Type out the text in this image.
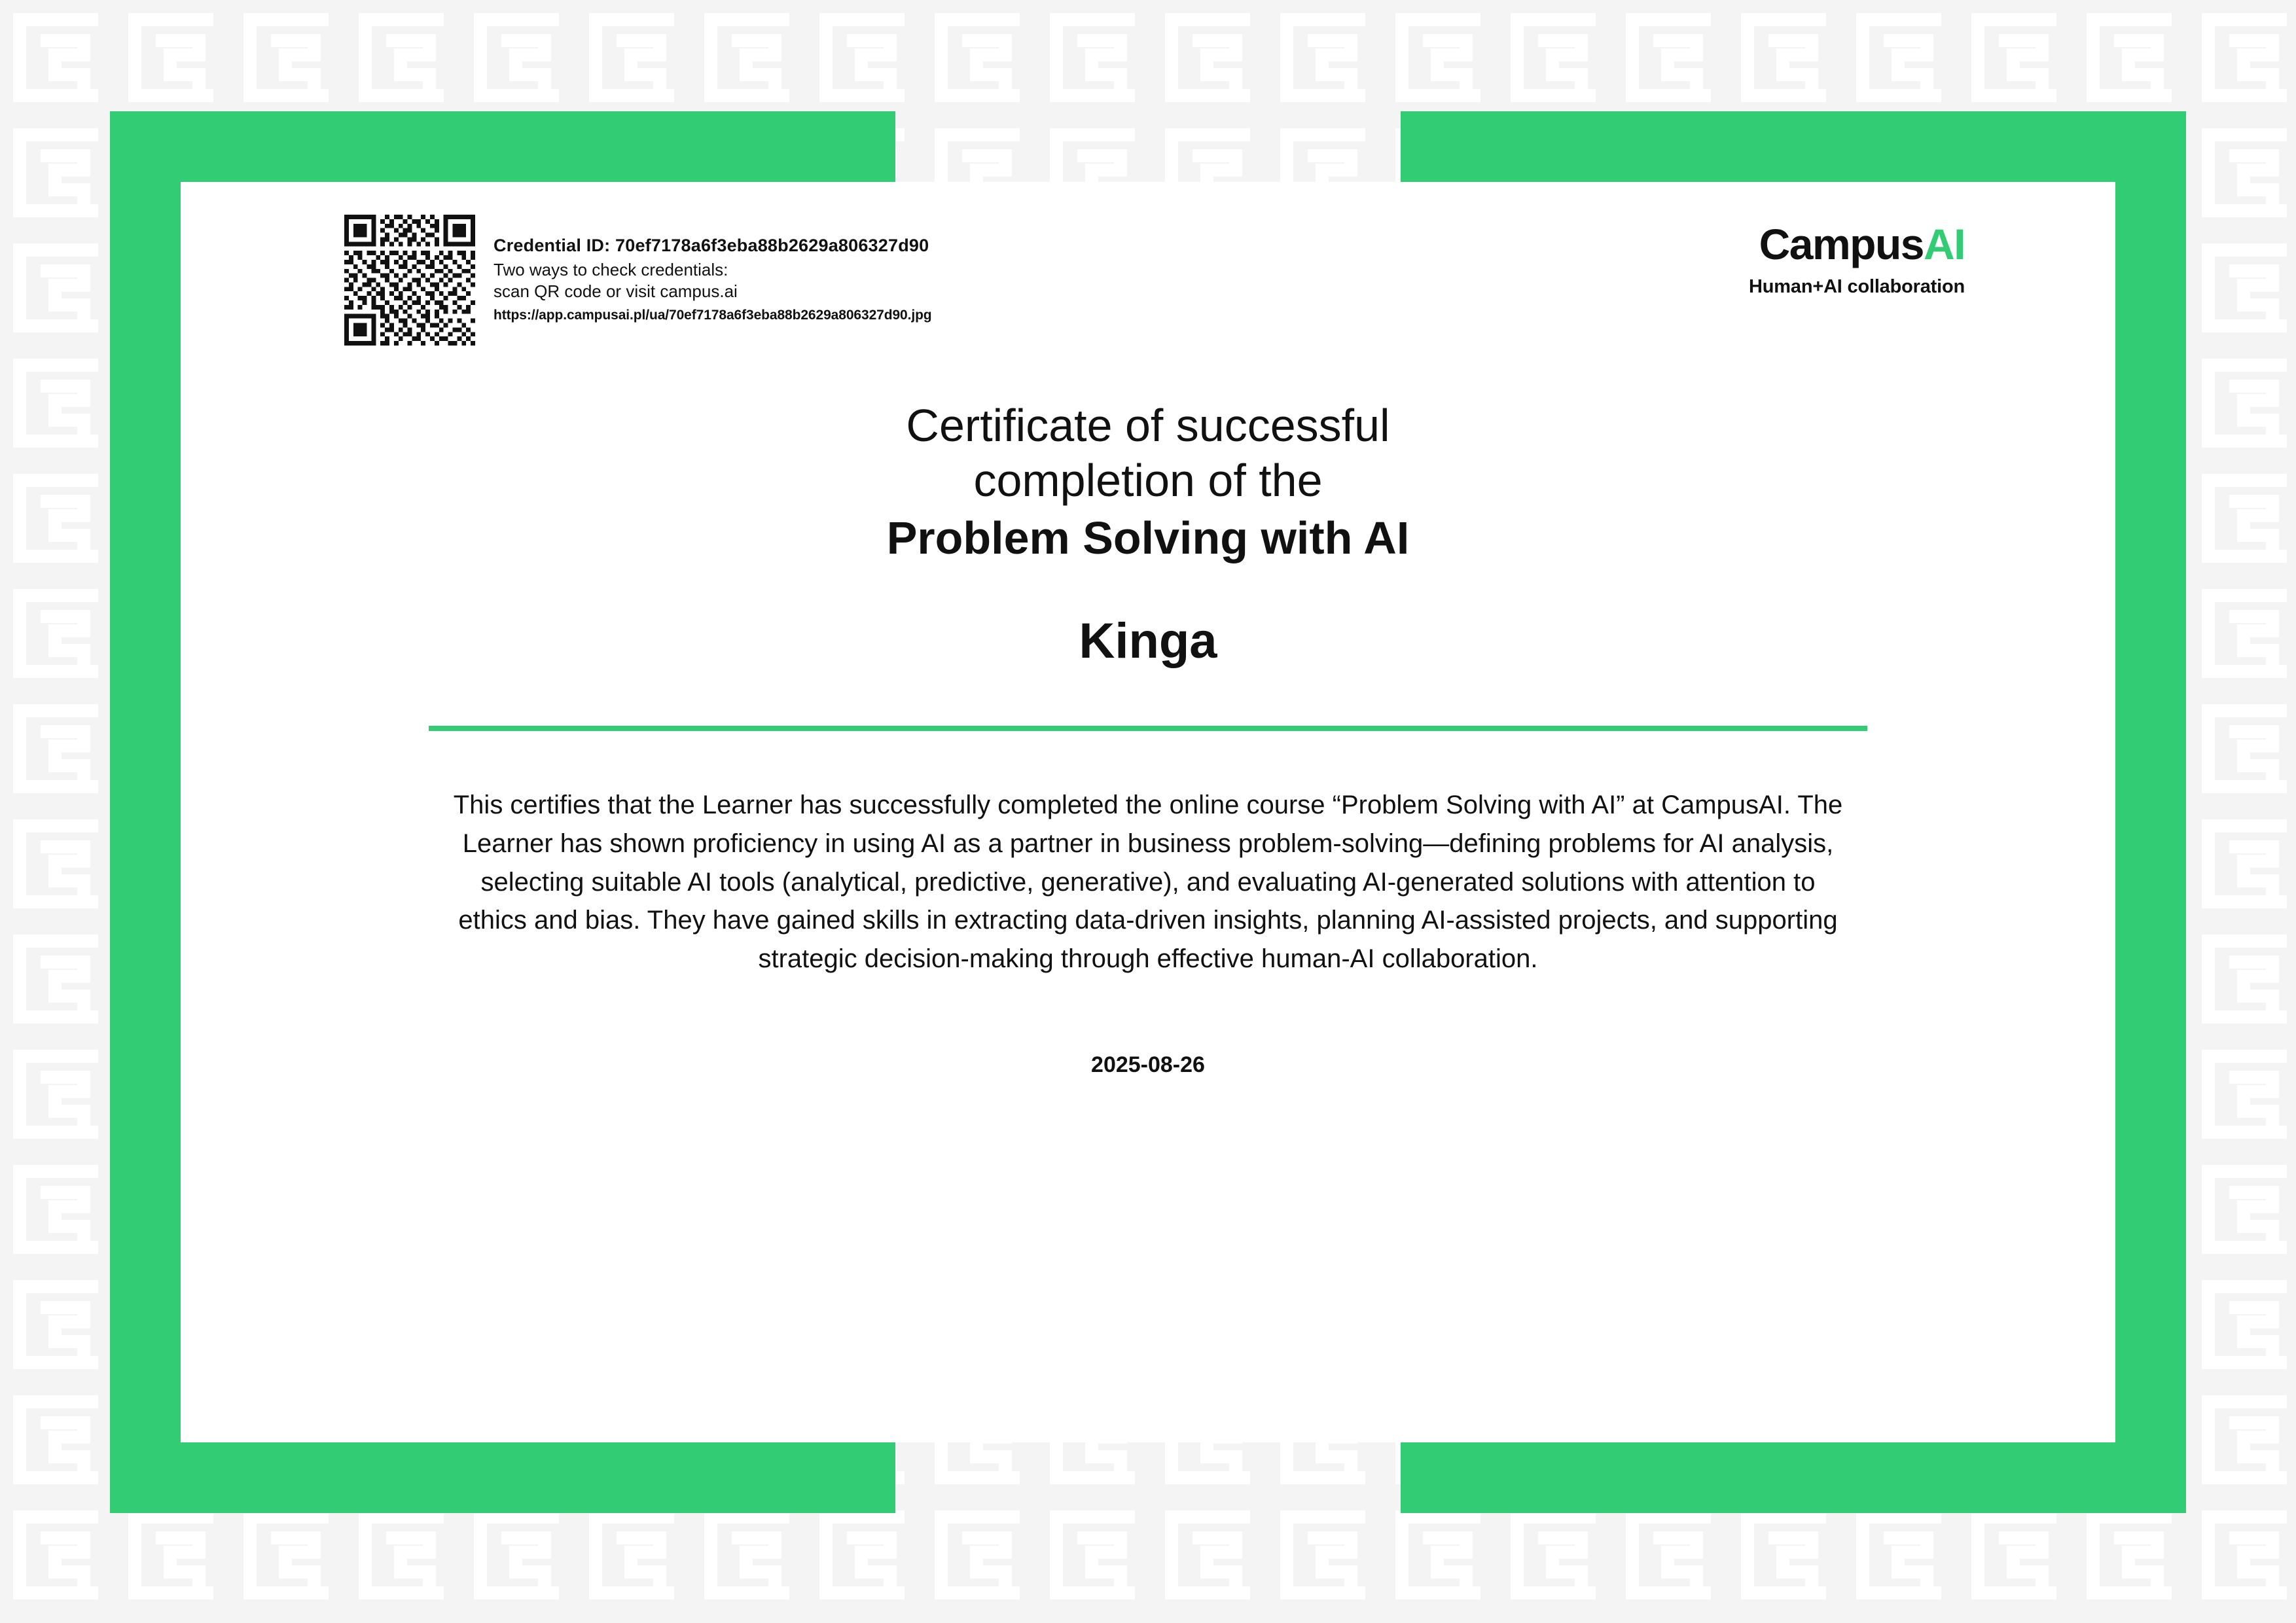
Credential ID: 70ef7178a6f3eba88b2629a806327d90
Two ways to check credentials:
scan QR code or visit campus.ai
https://app.campusai.pl/ua/70ef7178a6f3eba88b2629a806327d90.jpg
CampusAI
Human+AI collaboration
Certificate of successful
completion of the
Problem Solving with AI
Kinga
This certifies that the Learner has successfully completed the online course “Problem Solving with AI” at CampusAI. The Learner has shown proficiency in using AI as a partner in business problem-solving—defining problems for AI analysis, selecting suitable AI tools (analytical, predictive, generative), and evaluating AI-generated solutions with attention to ethics and bias. They have gained skills in extracting data-driven insights, planning AI-assisted projects, and supporting strategic decision-making through effective human-AI collaboration.
2025-08-26
